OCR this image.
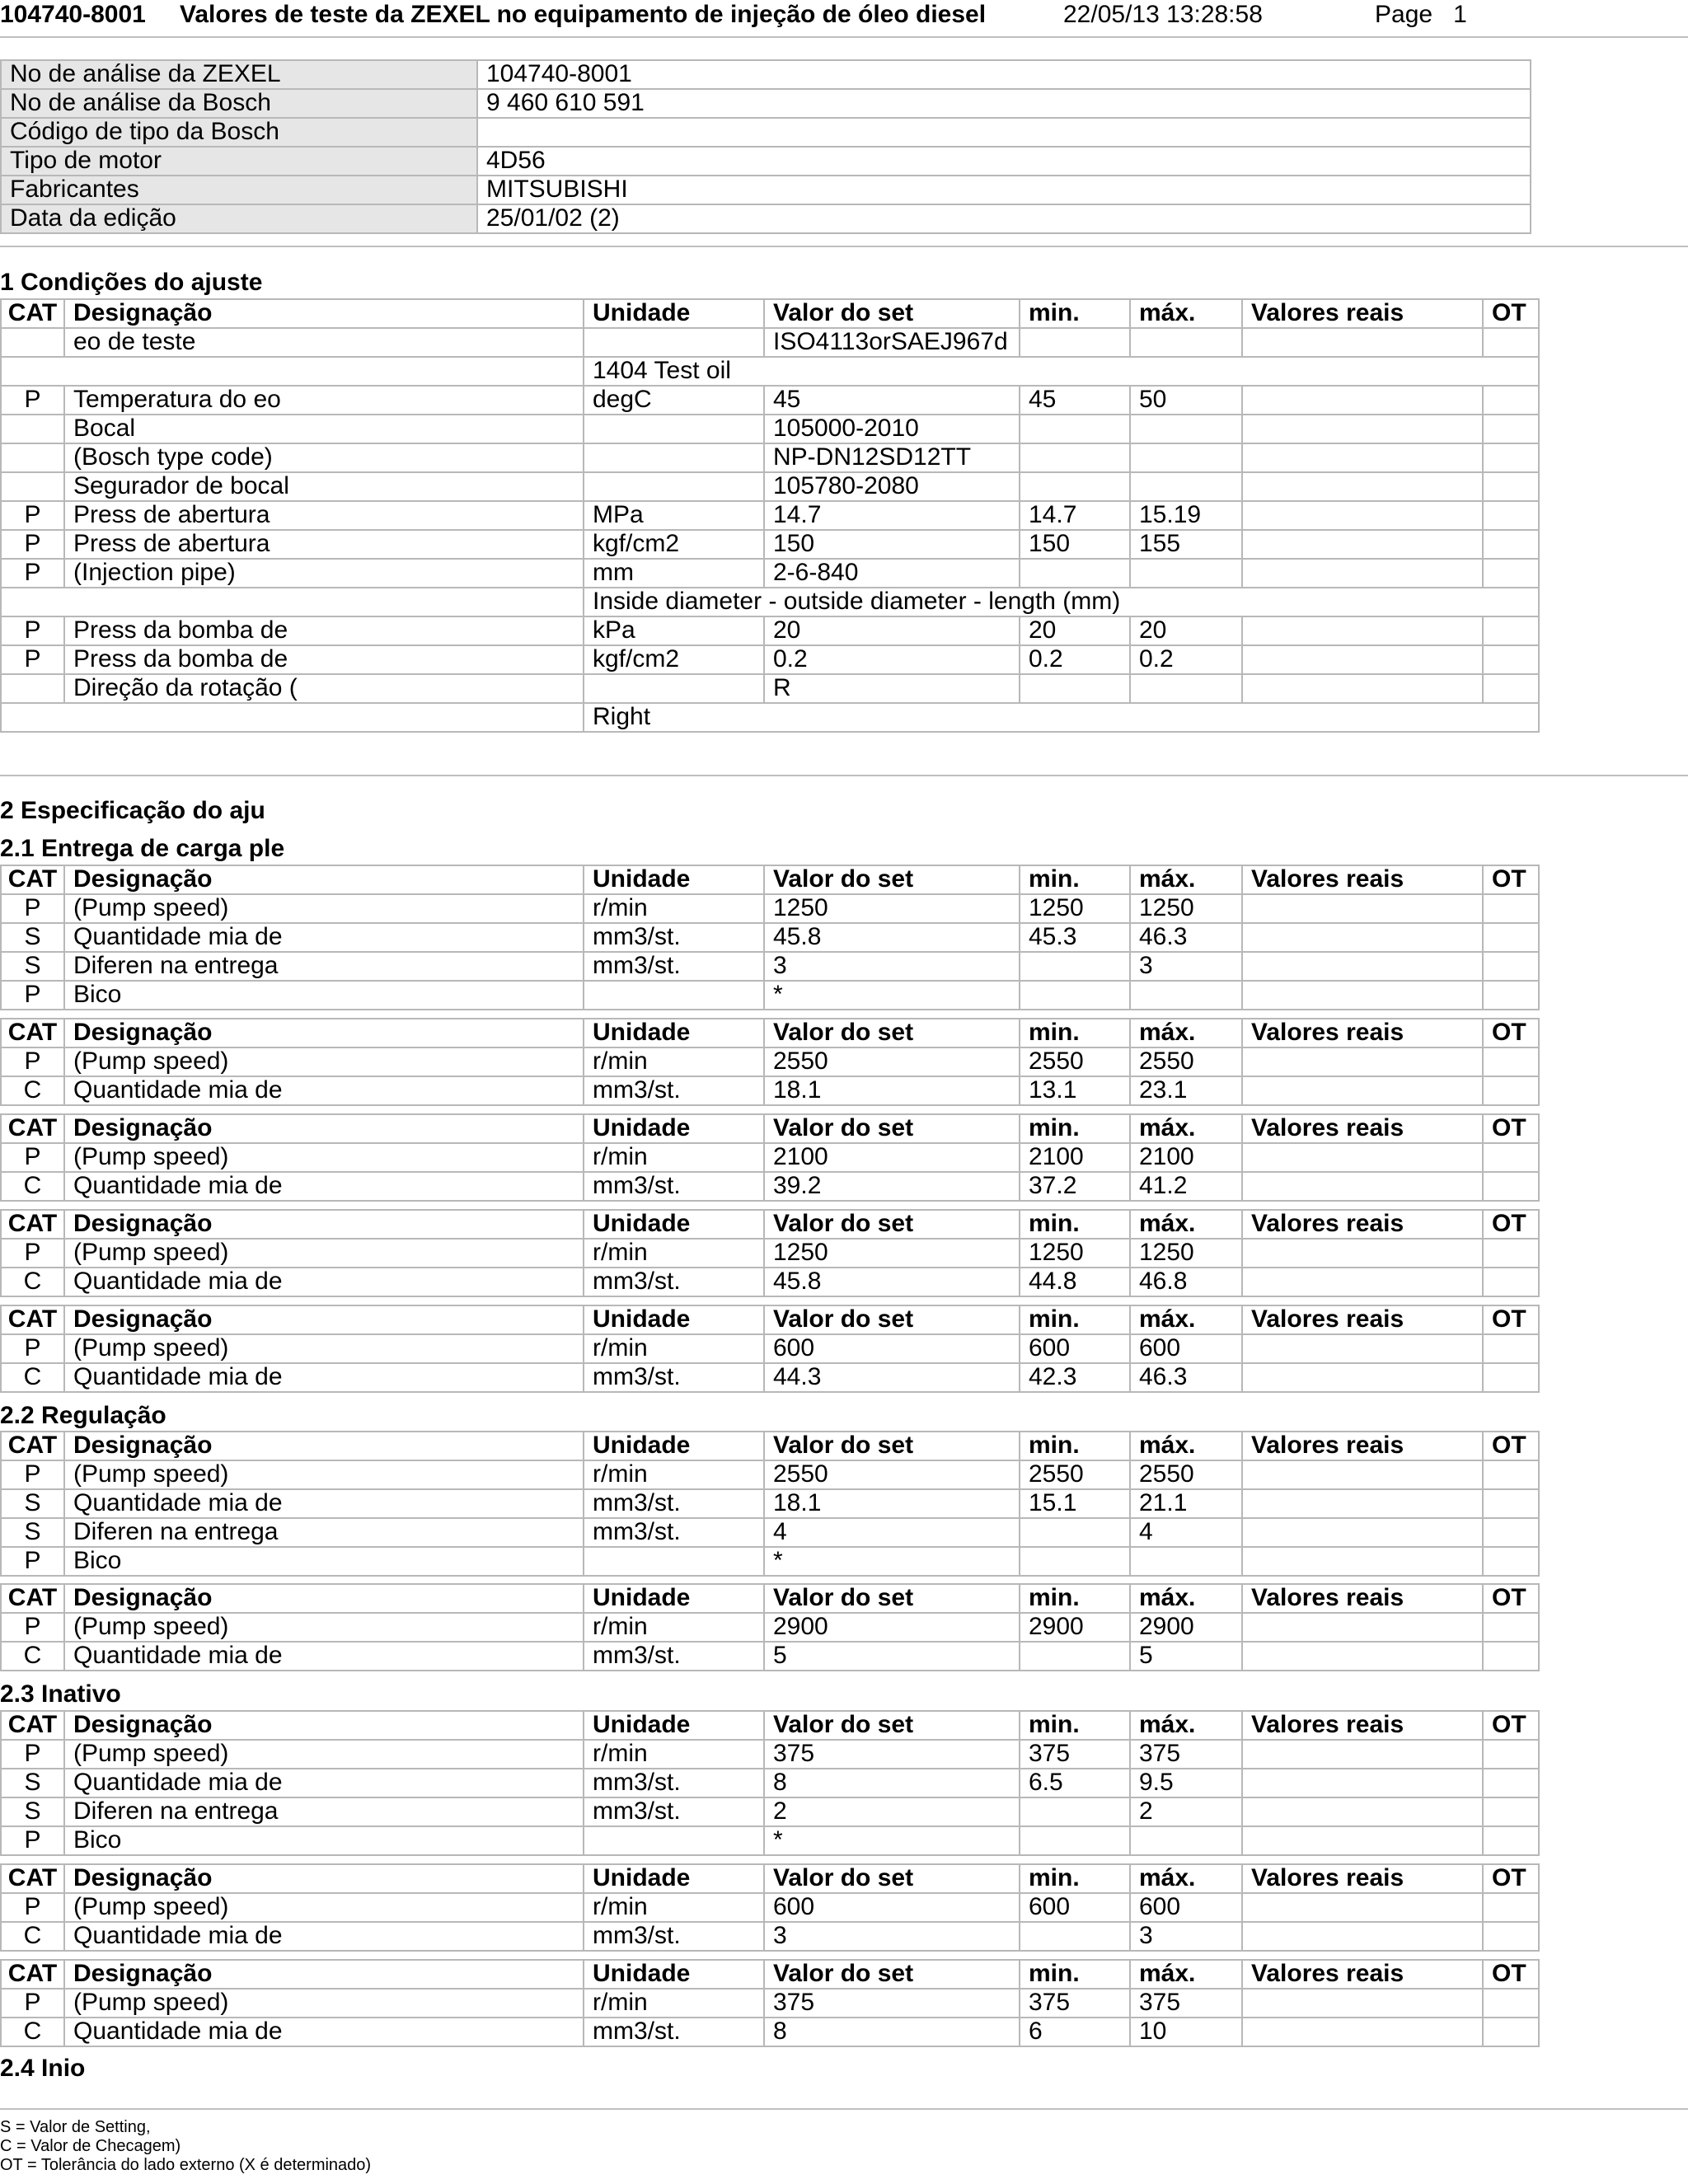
104740-8001 Valores de teste da ZEXEL no equipamento de injeção de óleo diesel	22/05/13 13:28:58	Page 1
No de análise da ZEXEL	104740-8001
No de análise da Bosch	9 460 610 591
Código de tipo da Bosch	
Tipo de motor	4D56
Fabricantes	MITSUBISHI
Data da edição	25/01/02 (2)
1 Condições do ajuste
CAT	Designação	Unidade	Valor do set	min.	máx.	Valores reais	OT
	eo de teste		ISO4113orSAEJ967d				
		1404 Test oil					
P	Temperatura do eo	degC	45	45	50		
	Bocal		105000-2010				
	(Bosch type code)		NP-DN12SD12TT				
	Segurador de bocal		105780-2080				
P	Press de abertura	MPa	14.7	14.7	15.19		
P	Press de abertura	kgf/cm2	150	150	155		
P	(Injection pipe)	mm	2-6-840				
		Inside diameter - outside diameter - length (mm)					
P	Press da bomba de	kPa	20	20	20		
P	Press da bomba de	kgf/cm2	0.2	0.2	0.2		
	Direção da rotação (		R				
		Right					
2 Especificação do aju
2.1 Entrega de carga ple
CAT	Designação	Unidade	Valor do set	min.	máx.	Valores reais	OT
P	(Pump speed)	r/min	1250	1250	1250		
S	Quantidade mia de	mm3/st.	45.8	45.3	46.3		
S	Diferen na entrega	mm3/st.	3		3		
P	Bico		*				
CAT	Designação	Unidade	Valor do set	min.	máx.	Valores reais	OT
P	(Pump speed)	r/min	2550	2550	2550		
C	Quantidade mia de	mm3/st.	18.1	13.1	23.1		
CAT	Designação	Unidade	Valor do set	min.	máx.	Valores reais	OT
P	(Pump speed)	r/min	2100	2100	2100		
C	Quantidade mia de	mm3/st.	39.2	37.2	41.2		
CAT	Designação	Unidade	Valor do set	min.	máx.	Valores reais	OT
P	(Pump speed)	r/min	1250	1250	1250		
C	Quantidade mia de	mm3/st.	45.8	44.8	46.8		
CAT	Designação	Unidade	Valor do set	min.	máx.	Valores reais	OT
P	(Pump speed)	r/min	600	600	600		
C	Quantidade mia de	mm3/st.	44.3	42.3	46.3		
2.2 Regulação
CAT	Designação	Unidade	Valor do set	min.	máx.	Valores reais	OT
P	(Pump speed)	r/min	2550	2550	2550		
S	Quantidade mia de	mm3/st.	18.1	15.1	21.1		
S	Diferen na entrega	mm3/st.	4		4		
P	Bico		*				
CAT	Designação	Unidade	Valor do set	min.	máx.	Valores reais	OT
P	(Pump speed)	r/min	2900	2900	2900		
C	Quantidade mia de	mm3/st.	5		5		
2.3 Inativo
CAT	Designação	Unidade	Valor do set	min.	máx.	Valores reais	OT
P	(Pump speed)	r/min	375	375	375		
S	Quantidade mia de	mm3/st.	8	6.5	9.5		
S	Diferen na entrega	mm3/st.	2		2		
P	Bico		*				
CAT	Designação	Unidade	Valor do set	min.	máx.	Valores reais	OT
P	(Pump speed)	r/min	600	600	600		
C	Quantidade mia de	mm3/st.	3		3		
CAT	Designação	Unidade	Valor do set	min.	máx.	Valores reais	OT
P	(Pump speed)	r/min	375	375	375		
C	Quantidade mia de	mm3/st.	8	6	10		
2.4 Inio
S = Valor de Setting,
C = Valor de Checagem)
OT = Tolerância do lado externo (X é determinado)
